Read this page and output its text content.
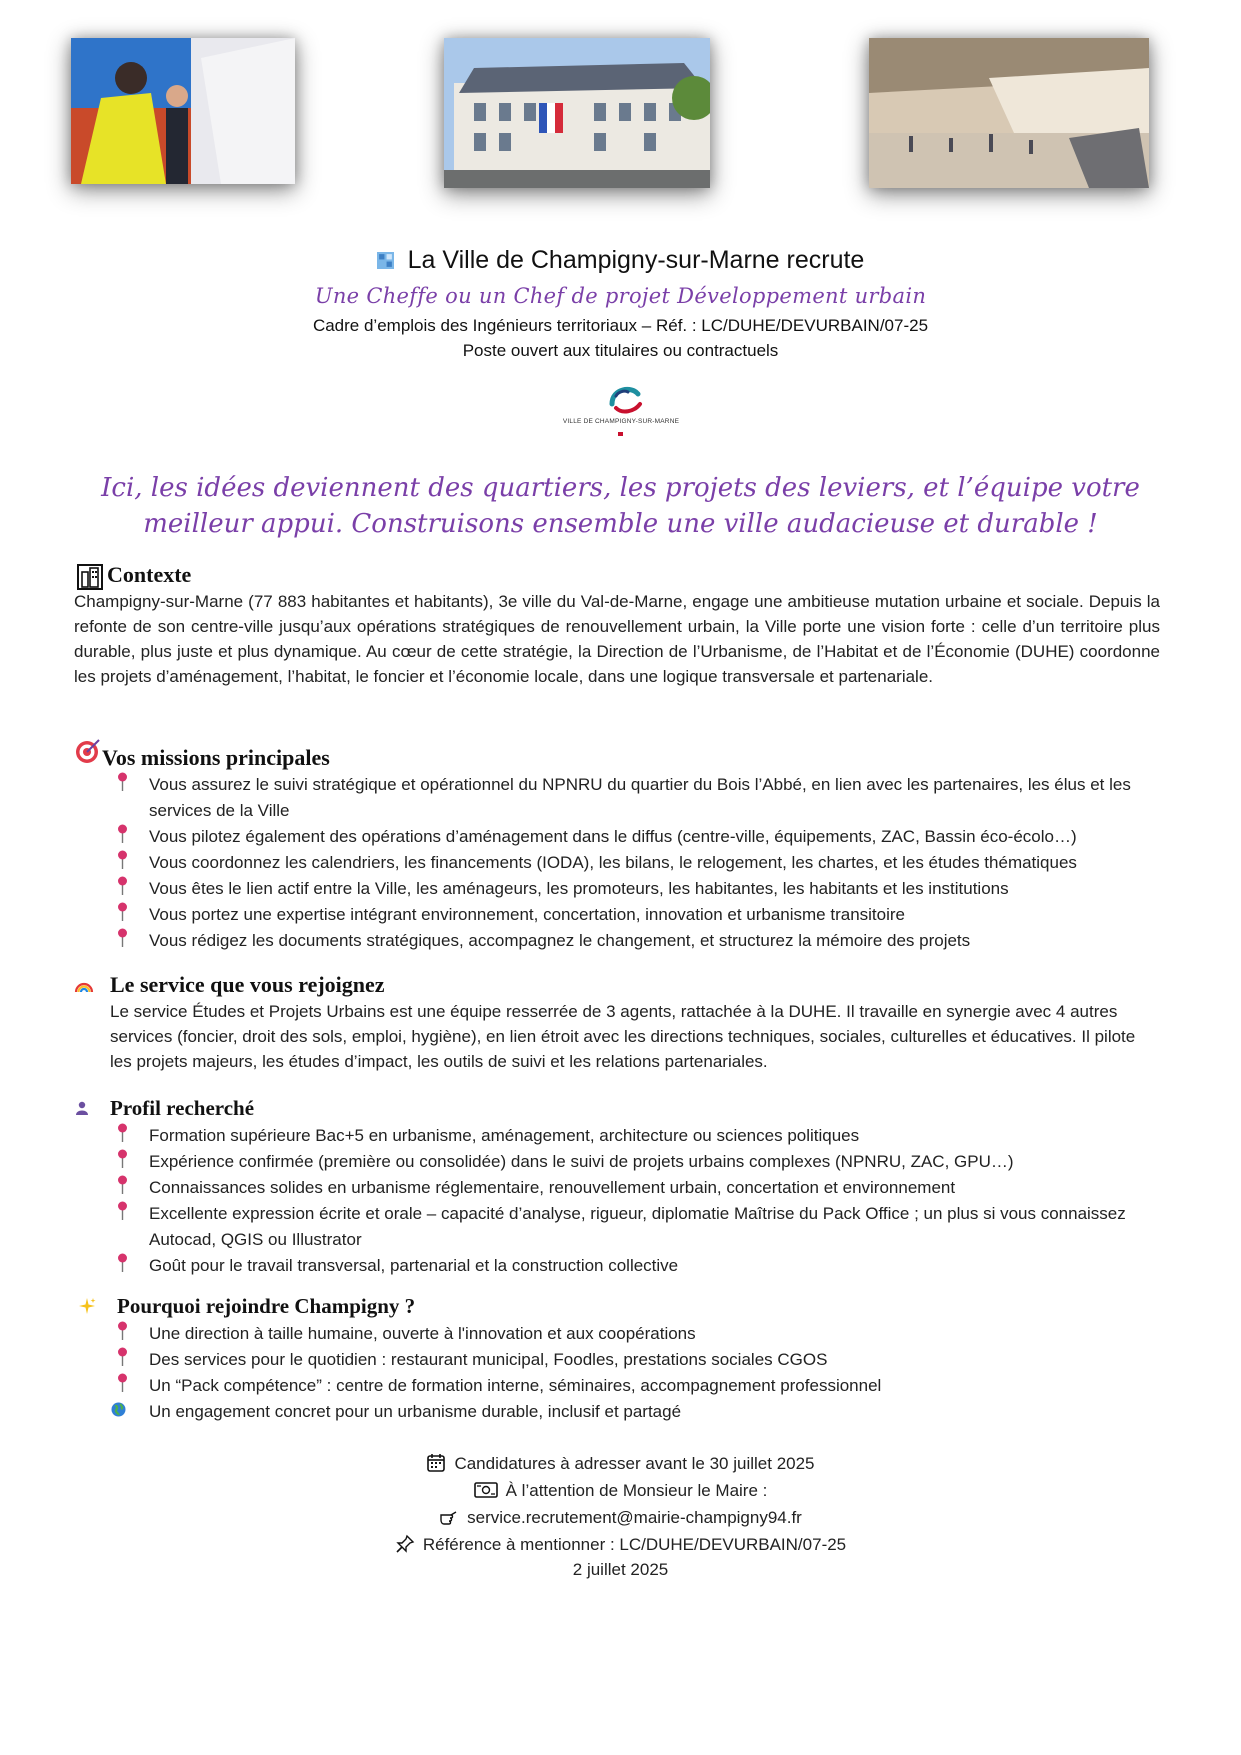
La Ville de Champigny-sur-Marne recrute
Une Cheffe ou un Chef de projet Développement urbain
Cadre d’emplois des Ingénieurs territoriaux – Réf. : LC/DUHE/DEVURBAIN/07-25
Poste ouvert aux titulaires ou contractuels
VILLE DE CHAMPIGNY-SUR-MARNE
Ici, les idées deviennent des quartiers, les projets des leviers, et l’équipe votre meilleur appui. Construisons ensemble une ville audacieuse et durable !
Contexte
Champigny-sur-Marne (77 883 habitantes et habitants), 3e ville du Val-de-Marne, engage une ambitieuse mutation urbaine et sociale. Depuis la refonte de son centre-ville jusqu’aux opérations stratégiques de renouvellement urbain, la Ville porte une vision forte : celle d’un territoire plus durable, plus juste et plus dynamique. Au cœur de cette stratégie, la Direction de l’Urbanisme, de l’Habitat et de l’Économie (DUHE) coordonne les projets d’aménagement, l’habitat, le foncier et l’économie locale, dans une logique transversale et partenariale.
Vos missions principales
Vous assurez le suivi stratégique et opérationnel du NPNRU du quartier du Bois l’Abbé, en lien avec les partenaires, les élus et les services de la Ville
Vous pilotez également des opérations d’aménagement dans le diffus (centre-ville, équipements, ZAC, Bassin éco-écolo…)
Vous coordonnez les calendriers, les financements (IODA), les bilans, le relogement, les chartes, et les études thématiques
Vous êtes le lien actif entre la Ville, les aménageurs, les promoteurs, les habitantes, les habitants et les institutions
Vous portez une expertise intégrant environnement, concertation, innovation et urbanisme transitoire
Vous rédigez les documents stratégiques, accompagnez le changement, et structurez la mémoire des projets
Le service que vous rejoignez
Le service Études et Projets Urbains est une équipe resserrée de 3 agents, rattachée à la DUHE. Il travaille en synergie avec 4 autres services (foncier, droit des sols, emploi, hygiène), en lien étroit avec les directions techniques, sociales, culturelles et éducatives. Il pilote les projets majeurs, les études d’impact, les outils de suivi et les relations partenariales.
Profil recherché
Formation supérieure Bac+5 en urbanisme, aménagement, architecture ou sciences politiques
Expérience confirmée (première ou consolidée) dans le suivi de projets urbains complexes (NPNRU, ZAC, GPU…)
Connaissances solides en urbanisme réglementaire, renouvellement urbain, concertation et environnement
Excellente expression écrite et orale – capacité d’analyse, rigueur, diplomatie Maîtrise du Pack Office ; un plus si vous connaissez Autocad, QGIS ou Illustrator
Goût pour le travail transversal, partenarial et la construction collective
Pourquoi rejoindre Champigny ?
Une direction à taille humaine, ouverte à l'innovation et aux coopérations
Des services pour le quotidien : restaurant municipal, Foodles, prestations sociales CGOS
Un “Pack compétence” : centre de formation interne, séminaires, accompagnement professionnel
Un engagement concret pour un urbanisme durable, inclusif et partagé
Candidatures à adresser avant le 30 juillet 2025
À l’attention de Monsieur le Maire :
service.recrutement@mairie-champigny94.fr
Référence à mentionner : LC/DUHE/DEVURBAIN/07-25
2 juillet 2025
